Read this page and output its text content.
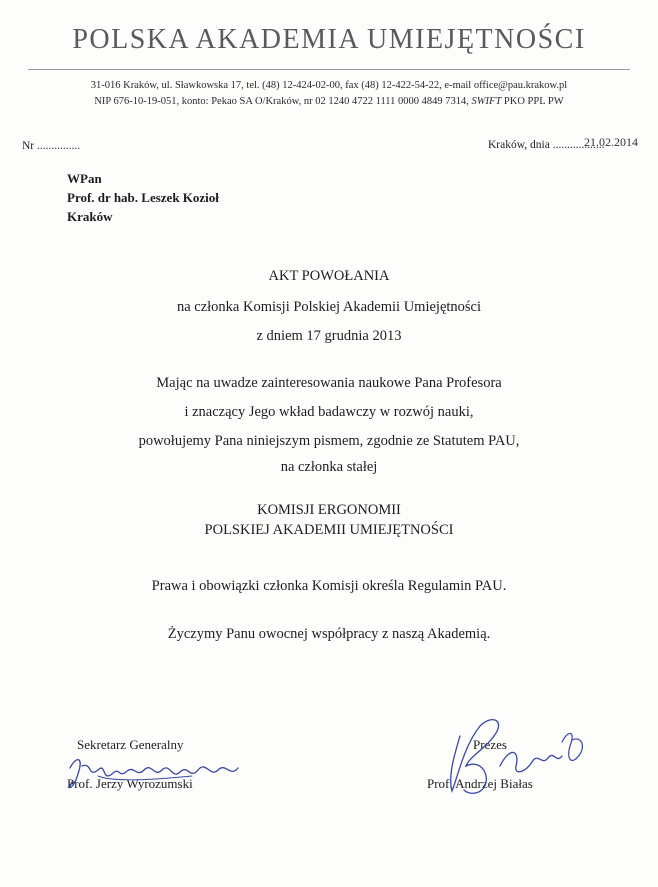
POLSKA AKADEMIA UMIEJĘTNOŚCI
31-016 Kraków, ul. Sławkowska 17, tel. (48) 12-424-02-00, fax (48) 12-422-54-22, e-mail office@pau.krakow.pl
NIP 676-10-19-051, konto: Pekao SA O/Kraków, nr 02 1240 4722 1111 0000 4849 7314, SWIFT PKO PPL PW
Nr ...............	Kraków, dnia ..................
21.02.2014
WPan
Prof. dr hab. Leszek Kozioł
Kraków
AKT POWOŁANIA
na członka Komisji Polskiej Akademii Umiejętności
z dniem 17 grudnia 2013
Mając na uwadze zainteresowania naukowe Pana Profesora
i znaczący Jego wkład badawczy w rozwój nauki,
powołujemy Pana niniejszym pismem, zgodnie ze Statutem PAU,
na członka stałej
KOMISJI ERGONOMII
POLSKIEJ AKADEMII UMIEJĘTNOŚCI
Prawa i obowiązki członka Komisji określa Regulamin PAU.
Życzymy Panu owocnej współpracy z naszą Akademią.
Sekretarz Generalny
Prof. Jerzy Wyrozumski
Prezes
Prof. Andrzej Białas
